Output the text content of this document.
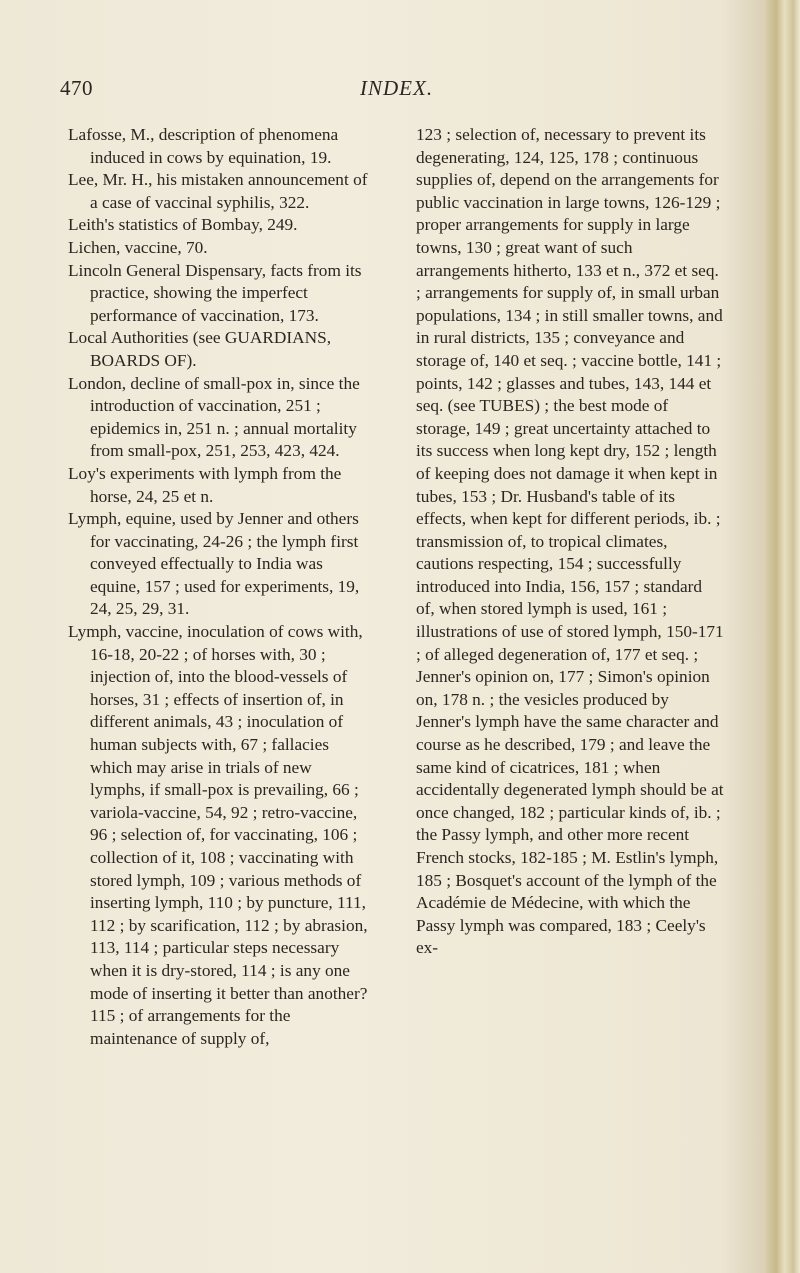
470	INDEX.

Lafosse, M., description of phenomena induced in cows by equination, 19.

Lee, Mr. H., his mistaken announcement of a case of vaccinal syphilis, 322.

Leith's statistics of Bombay, 249.

Lichen, vaccine, 70.

Lincoln General Dispensary, facts from its practice, showing the imperfect performance of vaccination, 173.

Local Authorities (see GUARDIANS, BOARDS OF).

London, decline of small-pox in, since the introduction of vaccination, 251 ; epidemics in, 251 n. ; annual mortality from small-pox, 251, 253, 423, 424.

Loy's experiments with lymph from the horse, 24, 25 et n.

Lymph, equine, used by Jenner and others for vaccinating, 24-26 ; the lymph first conveyed effectually to India was equine, 157 ; used for experiments, 19, 24, 25, 29, 31.

Lymph, vaccine, inoculation of cows with, 16-18, 20-22 ; of horses with, 30 ; injection of, into the blood-vessels of horses, 31 ; effects of insertion of, in different animals, 43 ; inoculation of human subjects with, 67 ; fallacies which may arise in trials of new lymphs, if small-pox is prevailing, 66 ; variola-vaccine, 54, 92 ; retro-vaccine, 96 ; selection of, for vaccinating, 106 ; collection of it, 108 ; vaccinating with stored lymph, 109 ; various methods of inserting lymph, 110 ; by puncture, 111, 112 ; by scarification, 112 ; by abrasion, 113, 114 ; particular steps necessary when it is dry-stored, 114 ; is any one mode of inserting it better than another? 115 ; of arrangements for the maintenance of supply of,

123 ; selection of, necessary to prevent its degenerating, 124, 125, 178 ; continuous supplies of, depend on the arrangements for public vaccination in large towns, 126-129 ; proper arrangements for supply in large towns, 130 ; great want of such arrangements hitherto, 133 et n., 372 et seq. ; arrangements for supply of, in small urban populations, 134 ; in still smaller towns, and in rural districts, 135 ; conveyance and storage of, 140 et seq. ; vaccine bottle, 141 ; points, 142 ; glasses and tubes, 143, 144 et seq. (see TUBES) ; the best mode of storage, 149 ; great uncertainty attached to its success when long kept dry, 152 ; length of keeping does not damage it when kept in tubes, 153 ; Dr. Husband's table of its effects, when kept for different periods, ib. ; transmission of, to tropical climates, cautions respecting, 154 ; successfully introduced into India, 156, 157 ; standard of, when stored lymph is used, 161 ; illustrations of use of stored lymph, 150-171 ; of alleged degeneration of, 177 et seq. ; Jenner's opinion on, 177 ; Simon's opinion on, 178 n. ; the vesicles produced by Jenner's lymph have the same character and course as he described, 179 ; and leave the same kind of cicatrices, 181 ; when accidentally degenerated lymph should be at once changed, 182 ; particular kinds of, ib. ; the Passy lymph, and other more recent French stocks, 182-185 ; M. Estlin's lymph, 185 ; Bosquet's account of the lymph of the Académie de Médecine, with which the Passy lymph was compared, 183 ; Ceely's ex-
